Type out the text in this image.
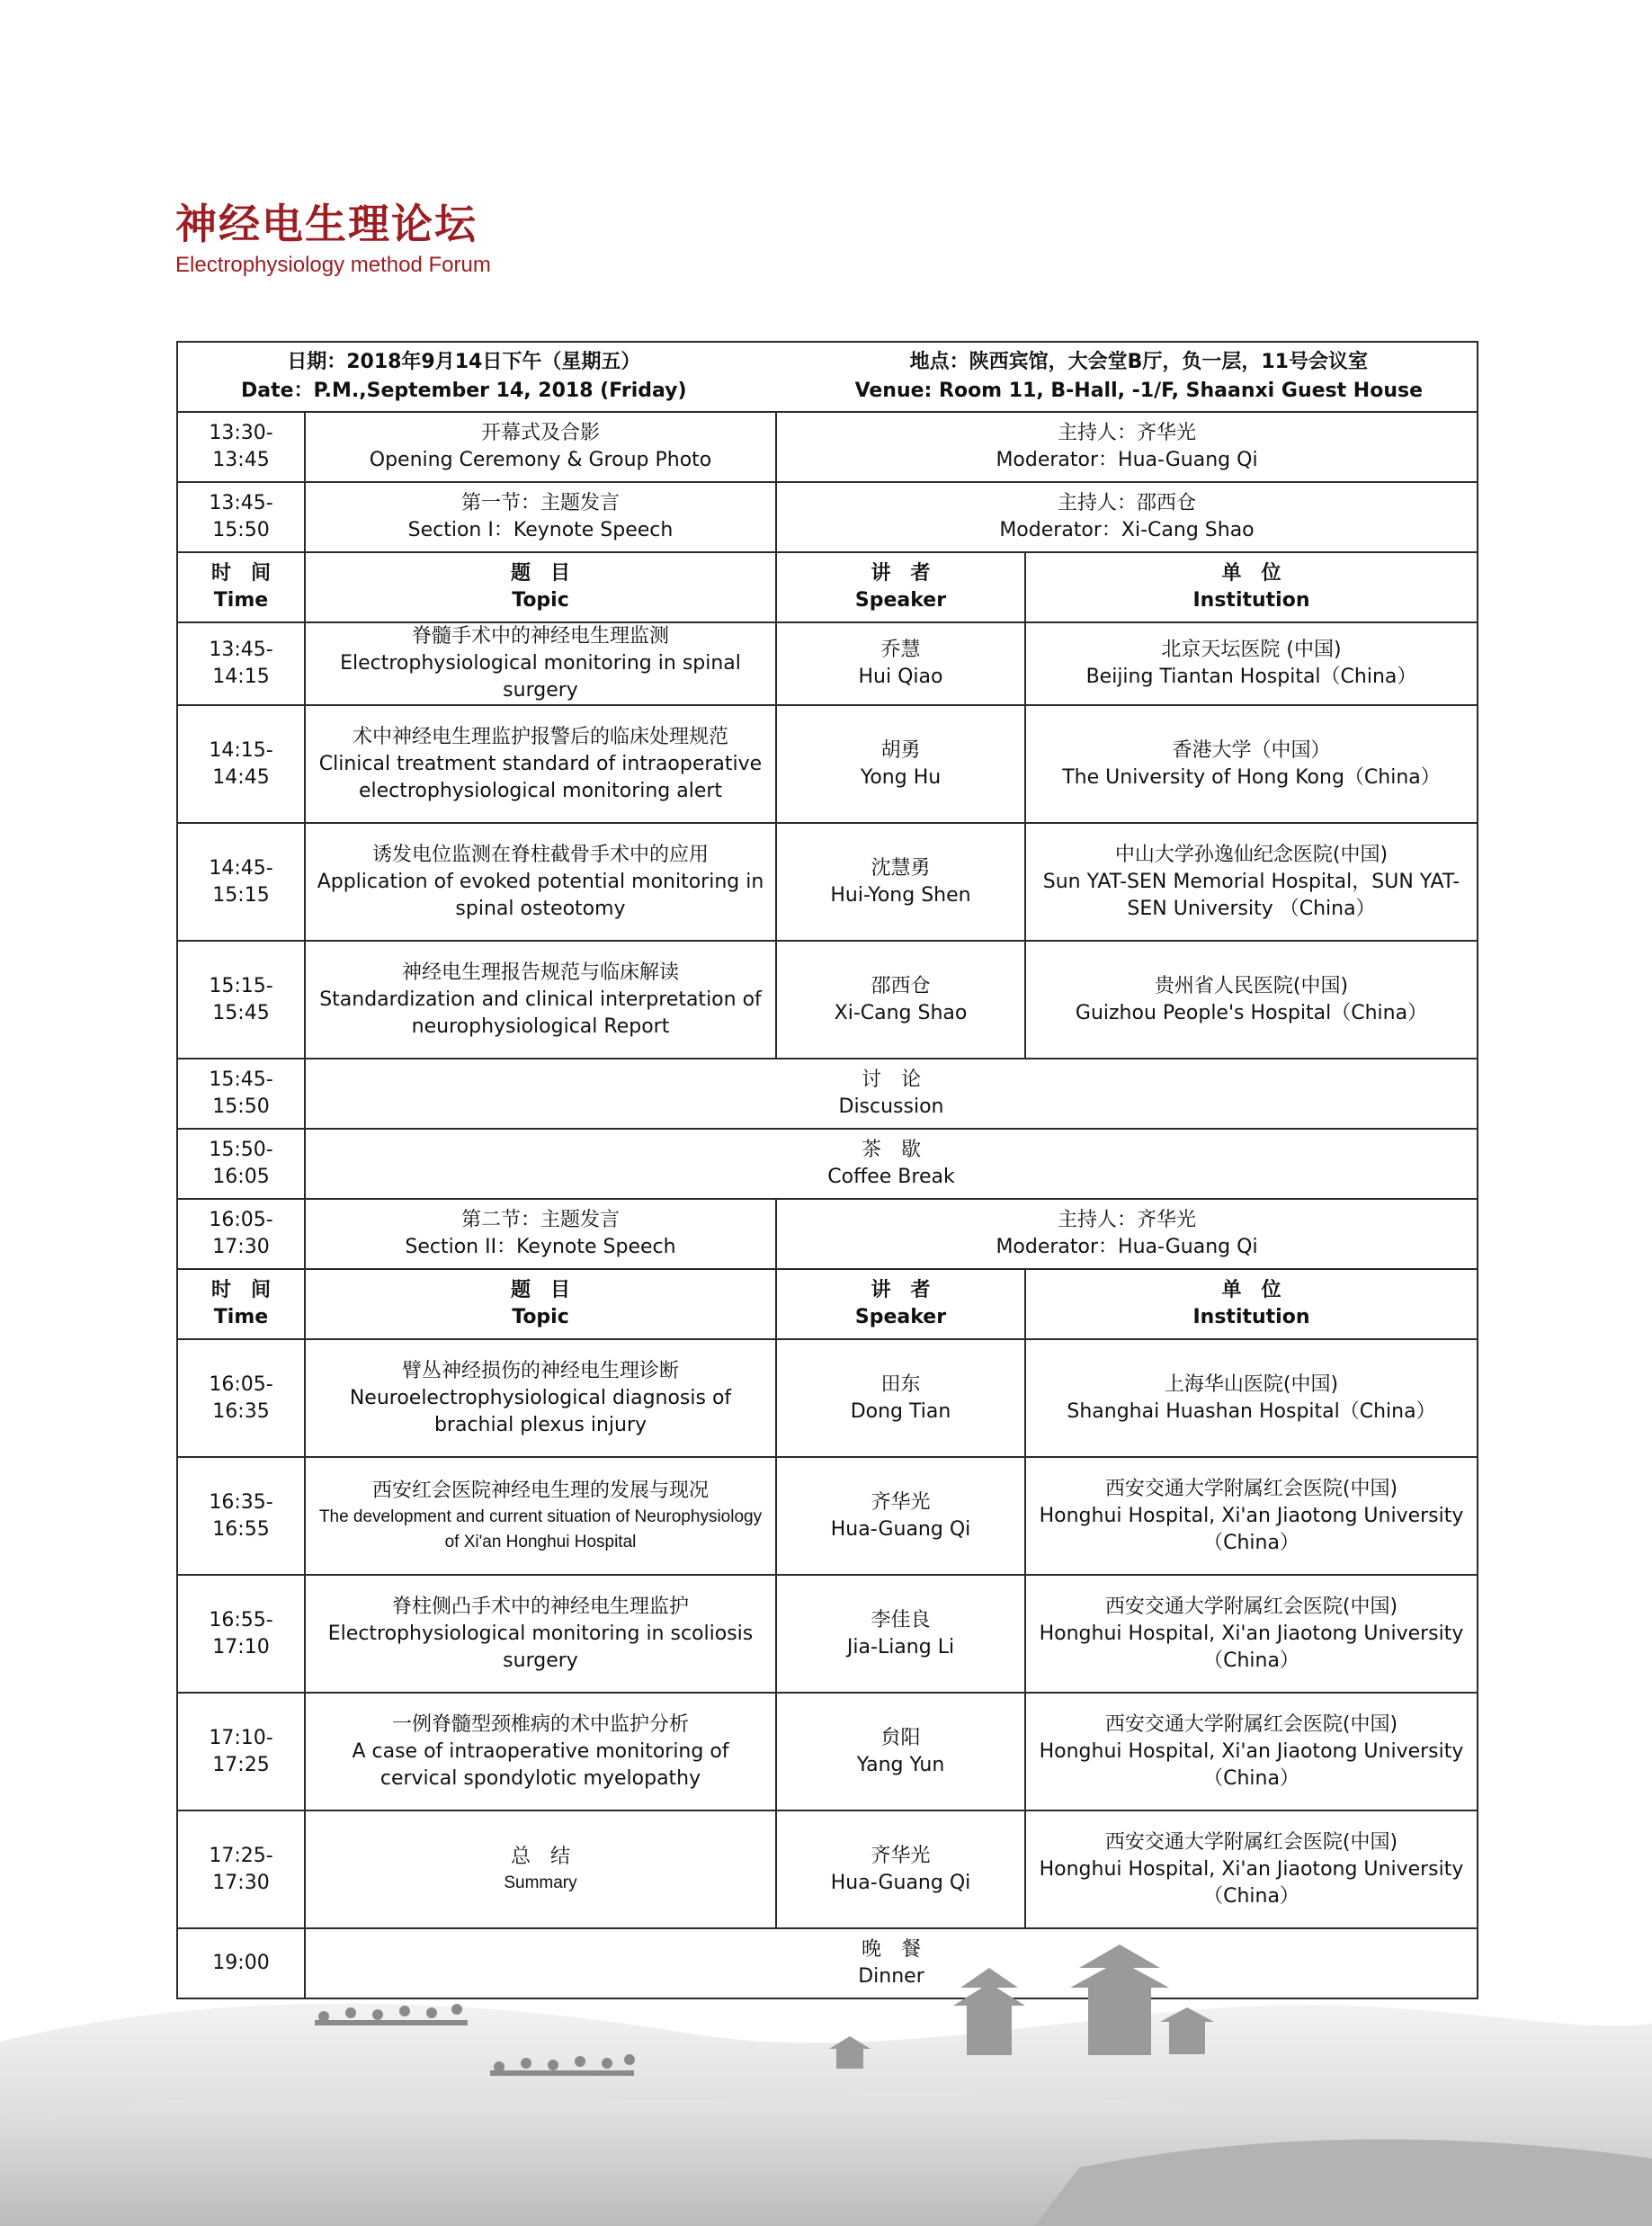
神经电生理论坛
Electrophysiology method Forum
日期：2018年9月14日下午（星期五）
Date：P.M.,September 14, 2018 (Friday)
地点：陕西宾馆，大会堂B厅，负一层，11号会议室
Venue: Room 11, B-Hall, -1/F, Shaanxi Guest House			

13:30-13:45	开幕式及合影
Opening Ceremony & Group Photo	主持人：齐华光
Moderator：Hua-Guang Qi	

13:45-15:50	第一节：主题发言
Section I：Keynote Speech	主持人：邵西仓
Moderator：Xi-Cang Shao	

时　间
Time	题　目
Topic	讲　者
Speaker	单　位
Institution

13:45-14:15	脊髓手术中的神经电生理监测
Electrophysiological monitoring in spinal surgery	乔慧
Hui Qiao	北京天坛医院 (中国)
Beijing Tiantan Hospital（China）

14:15-14:45	术中神经电生理监护报警后的临床处理规范
Clinical treatment standard of intraoperative electrophysiological monitoring alert	胡勇
Yong Hu	香港大学（中国）
The University of Hong Kong（China）

14:45-15:15	诱发电位监测在脊柱截骨手术中的应用
Application of evoked potential monitoring in spinal osteotomy	沈慧勇
Hui-Yong Shen	中山大学孙逸仙纪念医院(中国)
Sun YAT-SEN Memorial Hospital，SUN YAT-SEN University （China）

15:15-15:45	神经电生理报告规范与临床解读
Standardization and clinical interpretation of neurophysiological Report	邵西仓
Xi-Cang Shao	贵州省人民医院(中国)
Guizhou People's Hospital（China）

15:45-15:50	讨　论
Discussion		

15:50-16:05	茶　歇
Coffee Break		

16:05-17:30	第二节：主题发言
Section II：Keynote Speech	主持人：齐华光
Moderator：Hua-Guang Qi	

时　间
Time	题　目
Topic	讲　者
Speaker	单　位
Institution

16:05-16:35	臂丛神经损伤的神经电生理诊断
Neuroelectrophysiological diagnosis of brachial plexus injury	田东
Dong Tian	上海华山医院(中国)
Shanghai Huashan Hospital（China）

16:35-16:55	西安红会医院神经电生理的发展与现况
The development and current situation of Neurophysiology of Xi'an Honghui Hospital	齐华光
Hua-Guang Qi	西安交通大学附属红会医院(中国)
Honghui Hospital, Xi'an Jiaotong University（China）

16:55-17:10	脊柱侧凸手术中的神经电生理监护
Electrophysiological monitoring in scoliosis surgery	李佳良
Jia-Liang Li	西安交通大学附属红会医院(中国)
Honghui Hospital, Xi'an Jiaotong University（China）

17:10-17:25	一例脊髓型颈椎病的术中监护分析
A case of intraoperative monitoring of cervical spondylotic myelopathy	贠阳
Yang Yun	西安交通大学附属红会医院(中国)
Honghui Hospital, Xi'an Jiaotong University（China）

17:25-17:30	总　结
Summary	齐华光
Hua-Guang Qi	西安交通大学附属红会医院(中国)
Honghui Hospital, Xi'an Jiaotong University（China）

19:00	晚　餐
Dinner		
